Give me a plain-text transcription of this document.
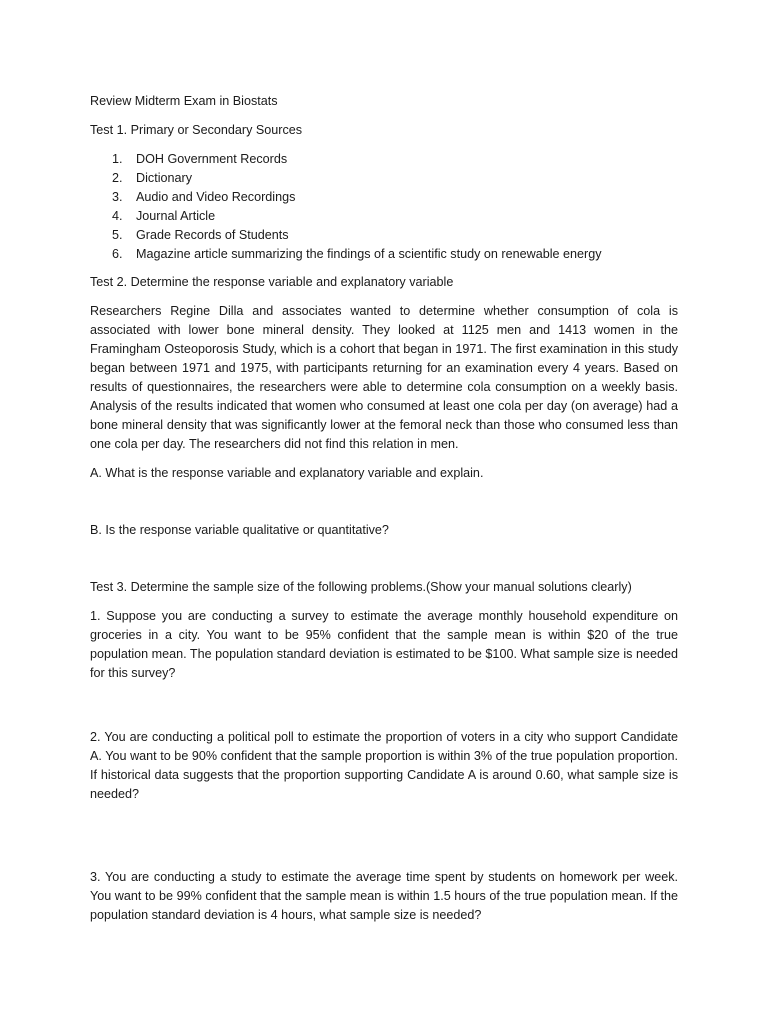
Review Midterm Exam in Biostats

Test 1. Primary or Secondary Sources

1. DOH Government Records
2. Dictionary
3. Audio and Video Recordings
4. Journal Article
5. Grade Records of Students
6. Magazine article summarizing the findings of a scientific study on renewable energy

Test 2. Determine the response variable and explanatory variable

Researchers Regine Dilla and associates wanted to determine whether consumption of cola is associated with lower bone mineral density. They looked at 1125 men and 1413 women in the Framingham Osteoporosis Study, which is a cohort that began in 1971. The first examination in this study began between 1971 and 1975, with participants returning for an examination every 4 years. Based on results of questionnaires, the researchers were able to determine cola consumption on a weekly basis. Analysis of the results indicated that women who consumed at least one cola per day (on average) had a bone mineral density that was significantly lower at the femoral neck than those who consumed less than one cola per day. The researchers did not find this relation in men.

A. What is the response variable and explanatory variable and explain.

B. Is the response variable qualitative or quantitative?

Test 3. Determine the sample size of the following problems.(Show your manual solutions clearly)

1. Suppose you are conducting a survey to estimate the average monthly household expenditure on groceries in a city. You want to be 95% confident that the sample mean is within $20 of the true population mean. The population standard deviation is estimated to be $100. What sample size is needed for this survey?

2. You are conducting a political poll to estimate the proportion of voters in a city who support Candidate A. You want to be 90% confident that the sample proportion is within 3% of the true population proportion. If historical data suggests that the proportion supporting Candidate A is around 0.60, what sample size is needed?

3. You are conducting a study to estimate the average time spent by students on homework per week. You want to be 99% confident that the sample mean is within 1.5 hours of the true population mean. If the population standard deviation is 4 hours, what sample size is needed?
